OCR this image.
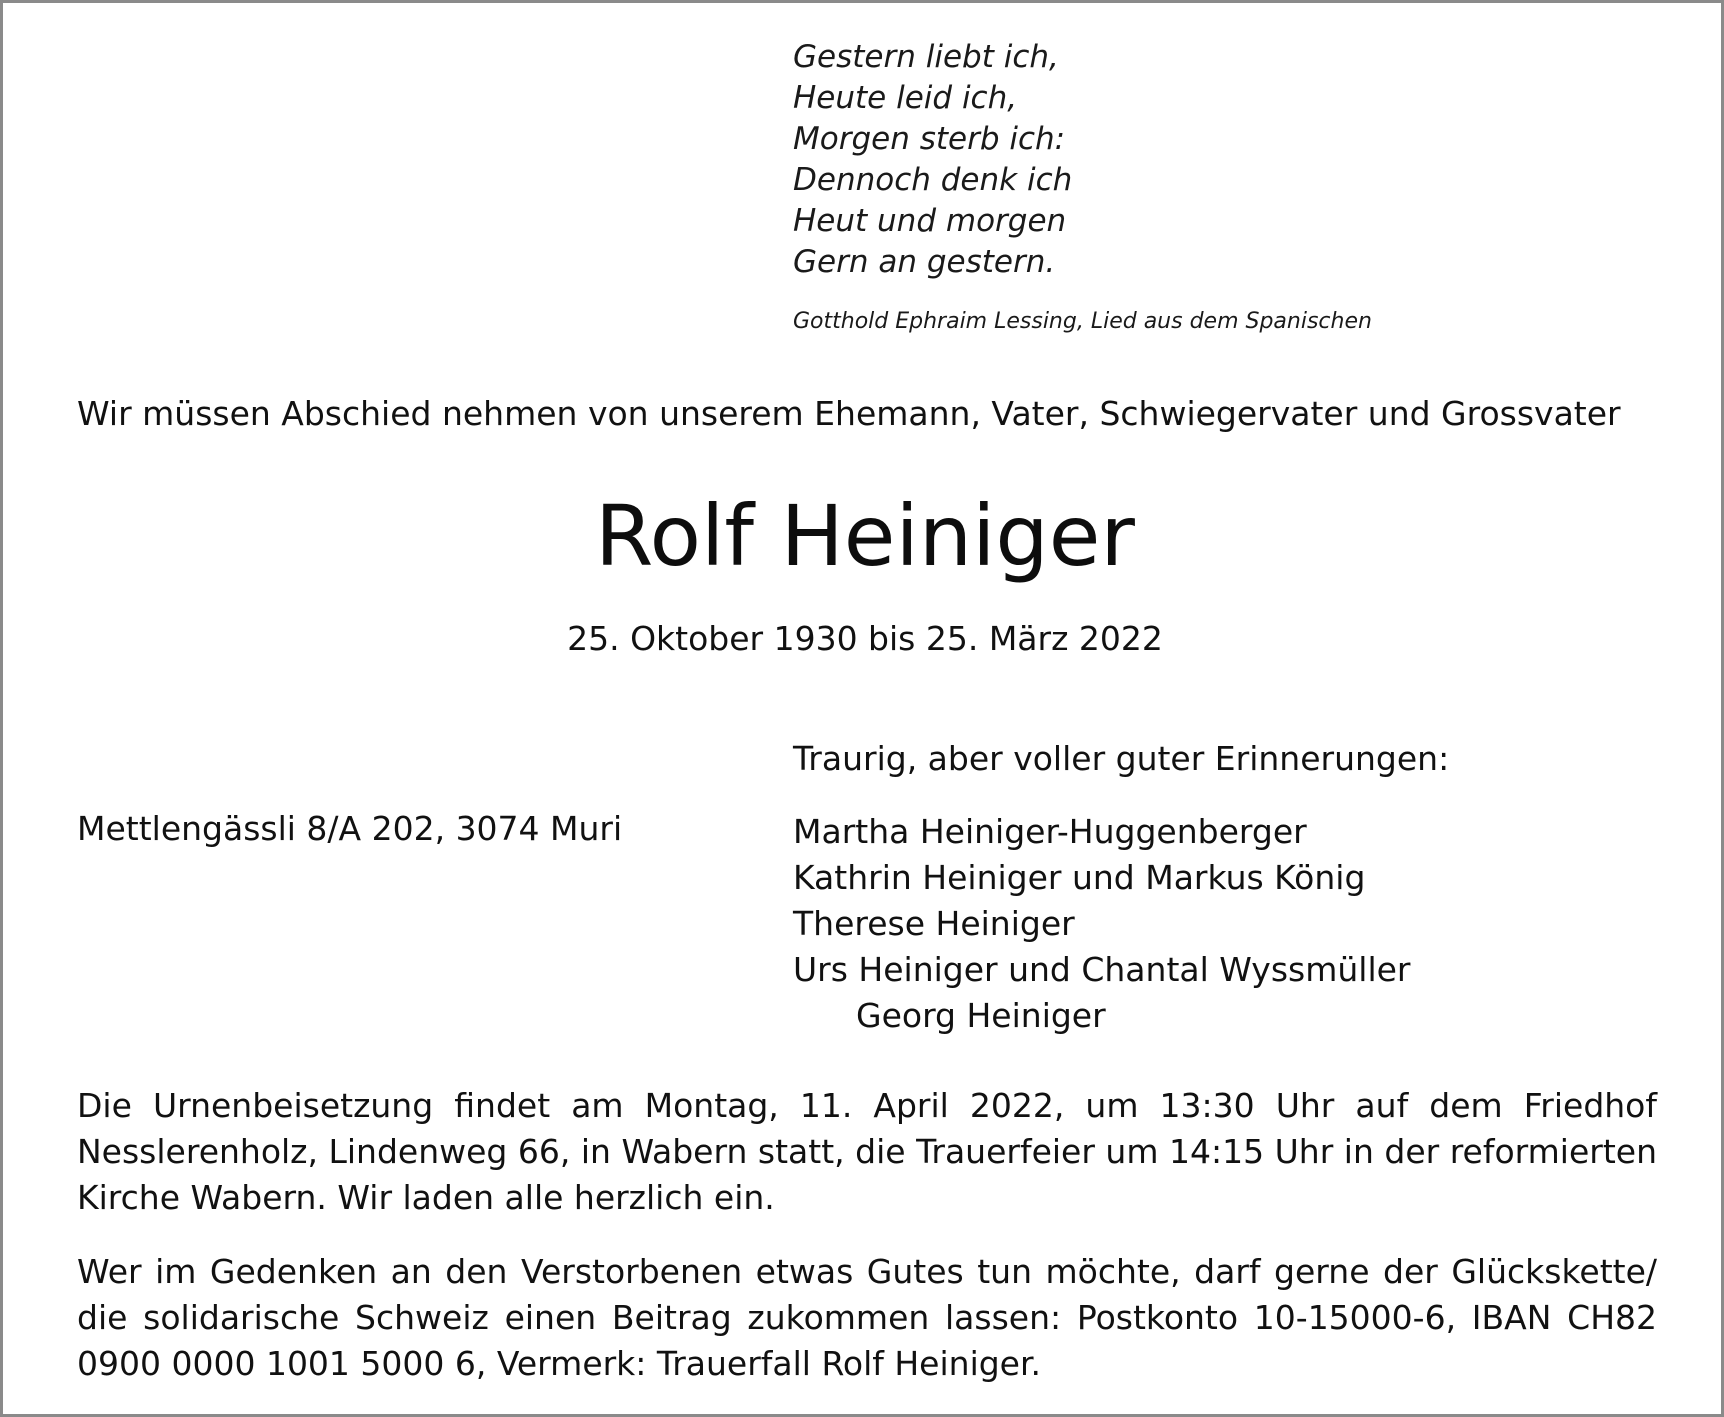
Gestern liebt ich,
Heute leid ich,
Morgen sterb ich:
Dennoch denk ich
Heut und morgen
Gern an gestern.
Gotthold Ephraim Lessing, Lied aus dem Spanischen
Wir müssen Abschied nehmen von unserem Ehemann, Vater, Schwiegervater und Grossvater
Rolf Heiniger
25. Oktober 1930 bis 25. März 2022
Traurig, aber voller guter Erinnerungen:
Mettlengässli 8/A 202, 3074 Muri	Martha Heiniger-Huggenberger
Kathrin Heiniger und Markus König
Therese Heiniger
Urs Heiniger und Chantal Wyssmüller
Georg Heiniger
Die Urnenbeisetzung findet am Montag, 11. April 2022, um 13:30 Uhr auf dem Friedhof Nesslerenholz, Lindenweg 66, in Wabern statt, die Trauerfeier um 14:15 Uhr in der reformierten Kirche Wabern. Wir laden alle herzlich ein.
Wer im Gedenken an den Verstorbenen etwas Gutes tun möchte, darf gerne der Glückskette/ die solidarische Schweiz einen Beitrag zukommen lassen: Postkonto 10-15000-6, IBAN CH82 0900 0000 1001 5000 6, Vermerk: Trauerfall Rolf Heiniger.
